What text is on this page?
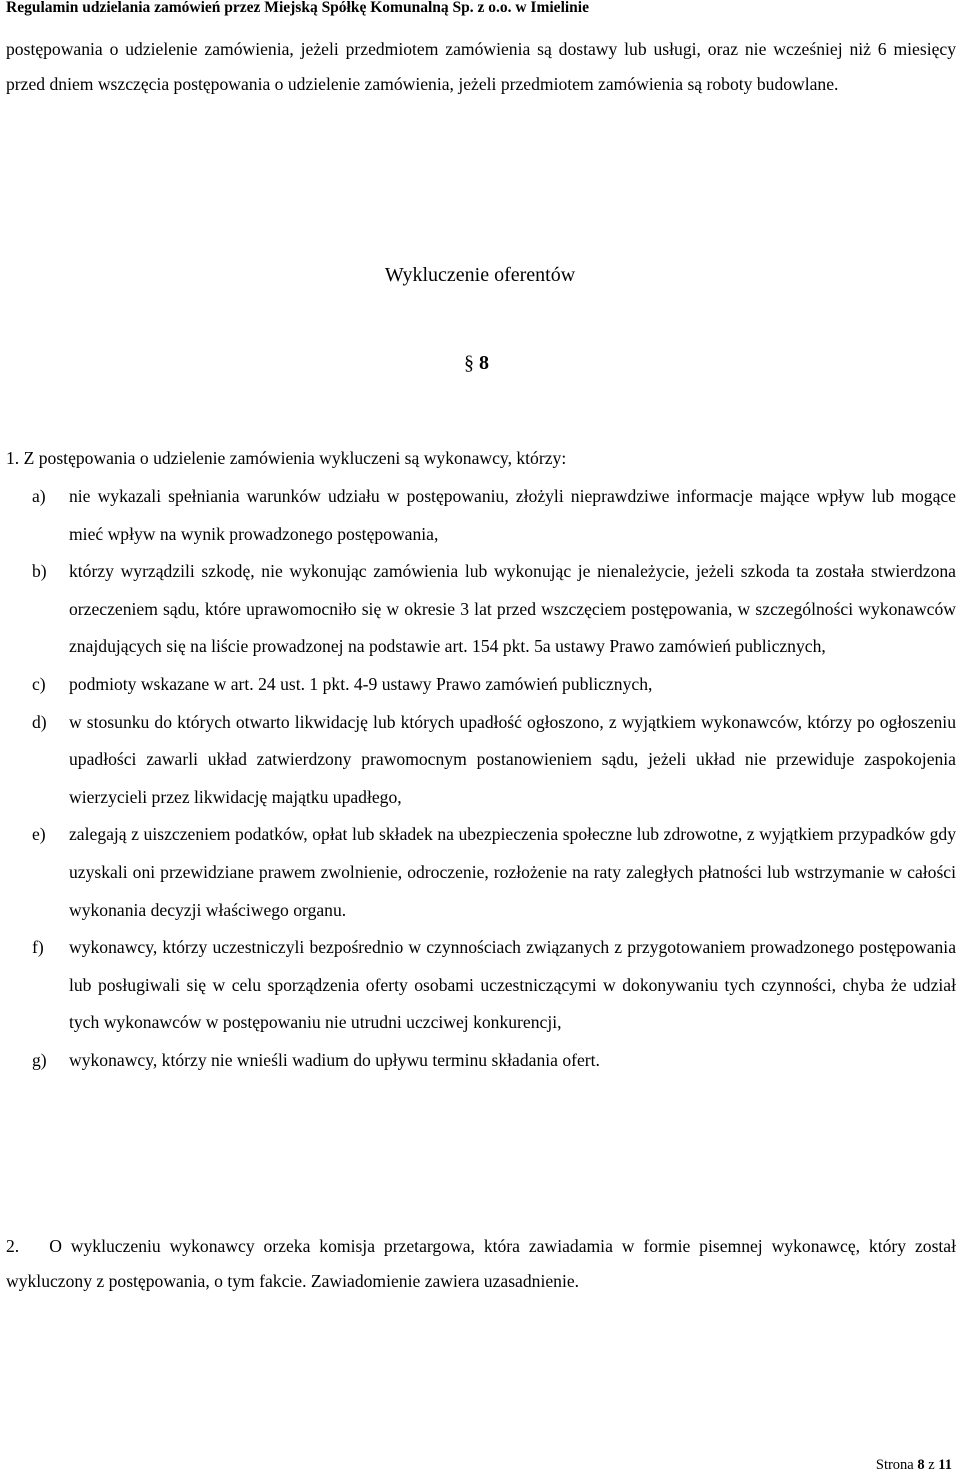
Regulamin udzielania zamówień przez Miejską Spółkę Komunalną Sp. z o.o. w Imielinie
postępowania o udzielenie zamówienia, jeżeli przedmiotem zamówienia są dostawy lub usługi, oraz nie wcześniej niż 6 miesięcy przed dniem wszczęcia postępowania o udzielenie zamówienia, jeżeli przedmiotem zamówienia są roboty budowlane.
Wykluczenie oferentów
§ 8
1. Z postępowania o udzielenie zamówienia wykluczeni są wykonawcy, którzy:
a)	nie wykazali spełniania warunków udziału w postępowaniu, złożyli nieprawdziwe informacje mające wpływ lub mogące mieć wpływ na wynik prowadzonego postępowania,
b)	którzy wyrządzili szkodę, nie wykonując zamówienia lub wykonując je nienależycie, jeżeli szkoda ta została stwierdzona orzeczeniem sądu, które uprawomocniło się w okresie 3 lat przed wszczęciem postępowania, w szczególności wykonawców znajdujących się na liście prowadzonej na podstawie art. 154 pkt. 5a ustawy Prawo zamówień publicznych,
c)	podmioty wskazane w art. 24 ust. 1 pkt. 4-9 ustawy Prawo zamówień publicznych,
d)	w stosunku do których otwarto likwidację lub których upadłość ogłoszono, z wyjątkiem wykonawców, którzy po ogłoszeniu upadłości zawarli układ zatwierdzony prawomocnym postanowieniem sądu, jeżeli układ nie przewiduje zaspokojenia wierzycieli przez likwidację majątku upadłego,
e)	zalegają z uiszczeniem podatków, opłat lub składek na ubezpieczenia społeczne lub zdrowotne, z wyjątkiem przypadków gdy uzyskali oni przewidziane prawem zwolnienie, odroczenie, rozłożenie na raty zaległych płatności lub wstrzymanie w całości wykonania decyzji właściwego organu.
f)	wykonawcy, którzy uczestniczyli bezpośrednio w czynnościach związanych z przygotowaniem prowadzonego postępowania lub posługiwali się w celu sporządzenia oferty osobami uczestniczącymi w dokonywaniu tych czynności, chyba że udział tych wykonawców w postępowaniu nie utrudni uczciwej konkurencji,
g)	wykonawcy, którzy nie wnieśli wadium do upływu terminu składania ofert.
2. O wykluczeniu wykonawcy orzeka komisja przetargowa, która zawiadamia w formie pisemnej wykonawcę, który został wykluczony z postępowania, o tym fakcie. Zawiadomienie zawiera uzasadnienie.
Strona 8 z 11
